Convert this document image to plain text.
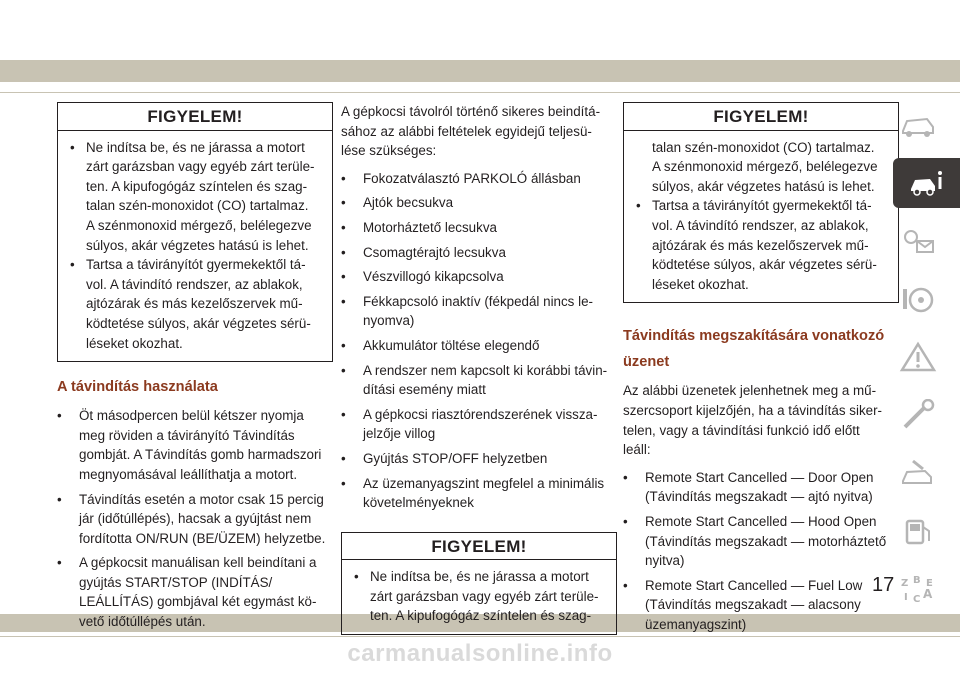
FIGYELEM!
• Ne indítsa be, és ne járassa a motort
zárt garázsban vagy egyéb zárt terüle-
ten. A kipufogógáz színtelen és szag-
talan szén-monoxidot (CO) tartalmaz.
A szénmonoxid mérgező, belélegezve
súlyos, akár végzetes hatású is lehet.
• Tartsa a távirányítót gyermekektől tá-
vol. A távindító rendszer, az ablakok,
ajtózárak és más kezelőszervek mű-
ködtetése súlyos, akár végzetes sérü-
léseket okozhat.
A távindítás használata
• Öt másodpercen belül kétszer nyomja
meg röviden a távirányító Távindítás
gombját. A Távindítás gomb harmadszori
megnyomásával leállíthatja a motort.
• Távindítás esetén a motor csak 15 percig
jár (időtúllépés), hacsak a gyújtást nem
fordította ON/RUN (BE/ÜZEM) helyzetbe.
• A gépkocsit manuálisan kell beindítani a
gyújtás START/STOP (INDÍTÁS/
LEÁLLÍTÁS) gombjával két egymást kö-
vető időtúllépés után.
A gépkocsi távolról történő sikeres beindítá-
sához az alábbi feltételek egyidejű teljesü-
lése szükséges:
• Fokozatválasztó PARKOLÓ állásban
• Ajtók becsukva
• Motorháztető lecsukva
• Csomagtérajtó lecsukva
• Vészvillogó kikapcsolva
• Fékkapcsoló inaktív (fékpedál nincs le-
nyomva)
• Akkumulátor töltése elegendő
• A rendszer nem kapcsolt ki korábbi távin-
dítási esemény miatt
• A gépkocsi riasztórendszerének vissza-
jelzője villog
• Gyújtás STOP/OFF helyzetben
• Az üzemanyagszint megfelel a minimális
követelményeknek
FIGYELEM!
• Ne indítsa be, és ne járassa a motort
zárt garázsban vagy egyéb zárt terüle-
ten. A kipufogógáz színtelen és szag-
FIGYELEM!
talan szén-monoxidot (CO) tartalmaz.
A szénmonoxid mérgező, belélegezve
súlyos, akár végzetes hatású is lehet.
• Tartsa a távirányítót gyermekektől tá-
vol. A távindító rendszer, az ablakok,
ajtózárak és más kezelőszervek mű-
ködtetése súlyos, akár végzetes sérü-
léseket okozhat.
Távindítás megszakítására vonatkozó
üzenet
Az alábbi üzenetek jelenhetnek meg a mű-
szercsoport kijelzőjén, ha a távindítás siker-
telen, vagy a távindítási funkció idő előtt
leáll:
• Remote Start Cancelled — Door Open
(Távindítás megszakadt — ajtó nyitva)
• Remote Start Cancelled — Hood Open
(Távindítás megszakadt — motorháztető
nyitva)
• Remote Start Cancelled — Fuel Low
(Távindítás megszakadt — alacsony
üzemanyagszint)
Z B E
I C A
17
carmanualsonline.info
